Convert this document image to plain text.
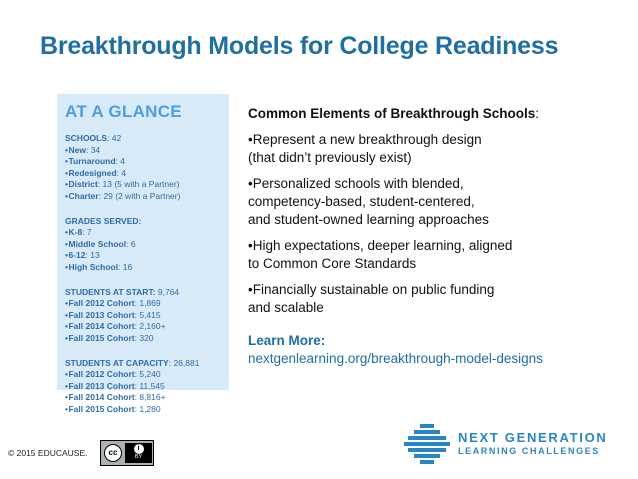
Breakthrough Models for College Readiness
AT A GLANCE
SCHOOLS: 42
•New: 34
•Turnaround: 4
•Redesigned: 4
•District: 13 (5 with a Partner)
•Charter: 29 (2 with a Partner)
GRADES SERVED:
•K-8: 7
•Middle School: 6
•6-12: 13
•High School: 16
STUDENTS AT START: 9,764
•Fall 2012 Cohort: 1,869
•Fall 2013 Cohort: 5,415
•Fall 2014 Cohort: 2,160+
•Fall 2015 Cohort: 320
STUDENTS AT CAPACITY: 26,881
•Fall 2012 Cohort: 5,240
•Fall 2013 Cohort: 11,545
•Fall 2014 Cohort: 8,816+
•Fall 2015 Cohort: 1,280
Common Elements of Breakthrough Schools:
•Represent a new breakthrough design
(that didn’t previously exist)
•Personalized schools with blended,
competency-based, student-centered,
and student-owned learning approaches
•High expectations, deeper learning, aligned
to Common Core Standards
•Financially sustainable on public funding
and scalable
Learn More:
nextgenlearning.org/breakthrough-model-designs
© 2015 EDUCAUSE.	cc	i
BY
NEXT GENERATION
LEARNING CHALLENGES
